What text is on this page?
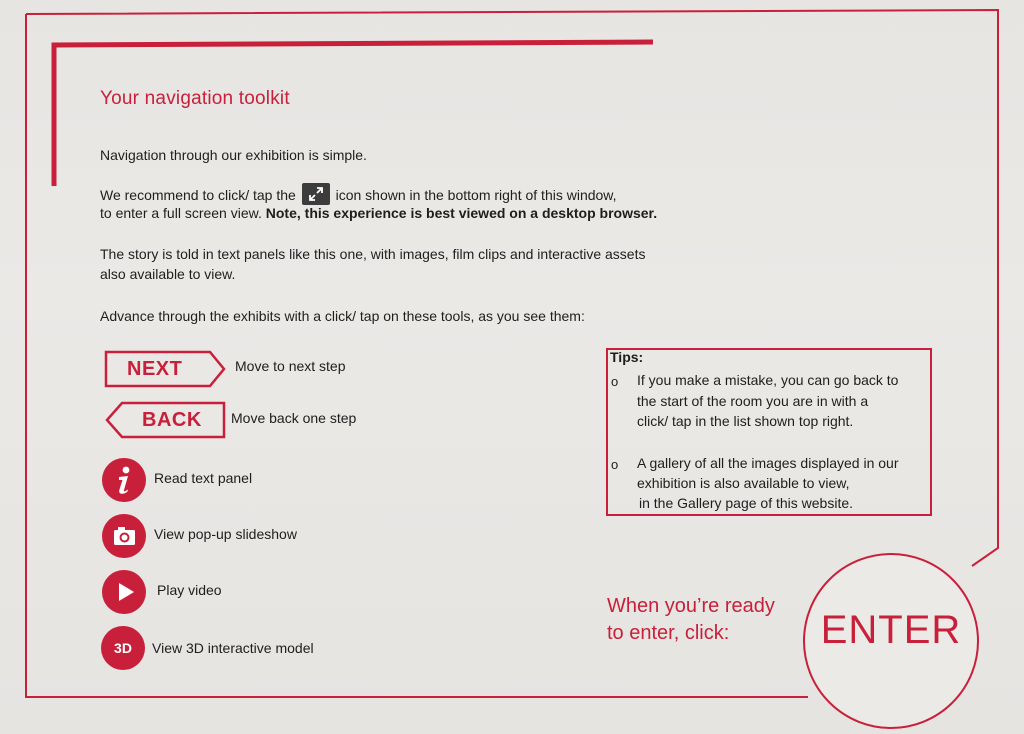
Your navigation toolkit
Navigation through our exhibition is simple.
We recommend to click/ tap the	icon shown in the bottom right of this window,
to enter a full screen view. Note, this experience is best viewed on a desktop browser.
The story is told in text panels like this one, with images, film clips and interactive assets
also available to view.
Advance through the exhibits with a click/ tap on these tools, as you see them:
NEXT	Move to next step
BACK Move back one step
Read text panel
View pop-up slideshow
Play video
3D	View 3D interactive model
Tips:
o If you make a mistake, you can go back to
the start of the room you are in with a
click/ tap in the list shown top right.
o A gallery of all the images displayed in our
exhibition is also available to view,
in the Gallery page of this website.
When you’re ready
to enter, click:	ENTER
